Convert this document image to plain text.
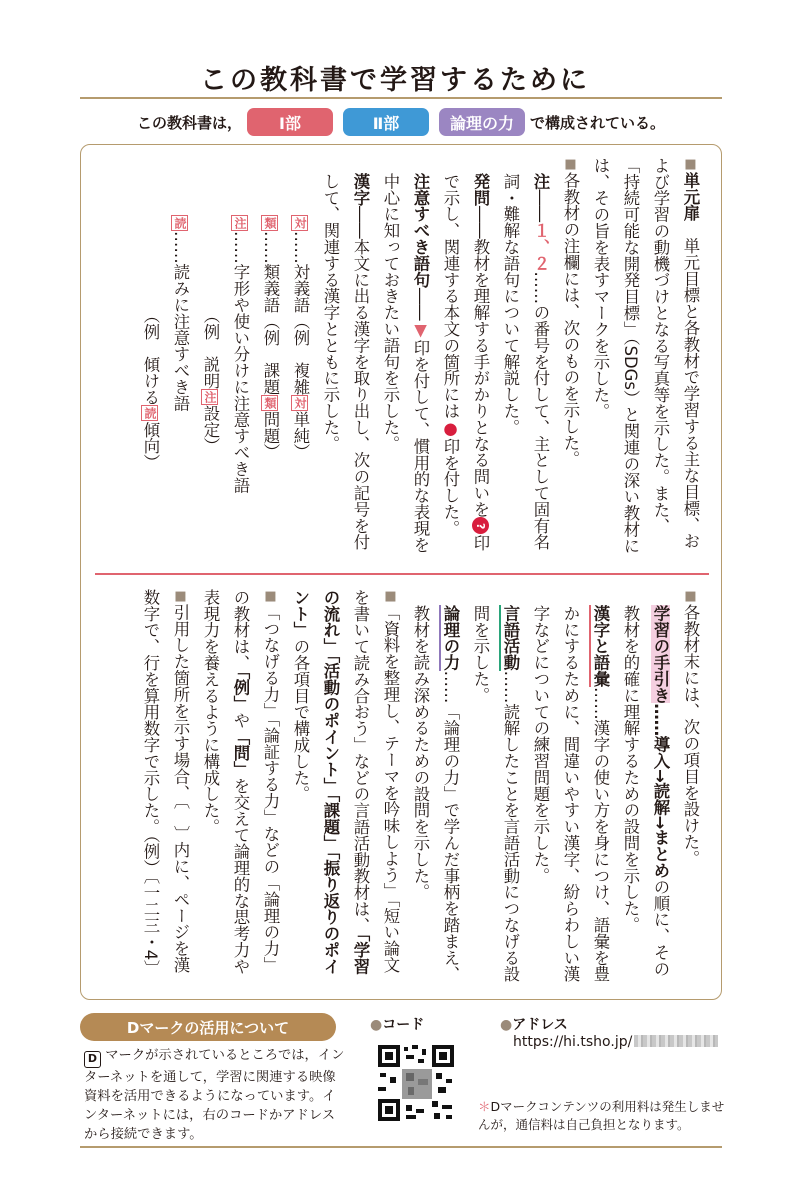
この教科書で学習するために
この教科書は，	Ⅰ部	Ⅱ部	論理の力	で構成されている。
■単元扉　単元目標と各教材で学習する主な目標、および学習の動機づけとなる写真等を示した。また、「持続可能な開発目標」（SDGs）と関連の深い教材には、その旨を表すマークを示した。
■各教材の注欄には、次のものを示した。
注――１、２……の番号を付して、主として固有名詞・難解な語句について解説した。
発問――教材を理解する手がかりとなる問いを?印で示し、関連する本文の箇所には●印を付した。
注意すべき語句――▼印を付して、慣用的な表現を中心に知っておきたい語句を示した。
漢字――本文に出る漢字を取り出し、次の記号を付して、関連する漢字とともに示した。
対……対義語（例　複雑対単純）
類……類義語（例　課題類問題）
注……字形や使い分けに注意すべき語
（例　説明注設定）
読……読みに注意すべき語
（例　傾ける読傾向）
■各教材末には、次の項目を設けた。
学習の手引き……導入→読解→まとめの順に、その教材を的確に理解するための設問を示した。
漢字と語彙……漢字の使い方を身につけ、語彙を豊かにするために、間違いやすい漢字、紛らわしい漢字などについての練習問題を示した。
言語活動……読解したことを言語活動につなげる設問を示した。
論理の力……「論理の力」で学んだ事柄を踏まえ、教材を読み深めるための設問を示した。
■「資料を整理し、テーマを吟味しよう」「短い論文を書いて読み合おう」などの言語活動教材は、「学習の流れ」「活動のポイント」「課題」「振り返りのポイント」の各項目で構成した。
■「つなげる力」「論証する力」などの「論理の力」の教材は、「例」や「問」を交えて論理的な思考力や表現力を養えるように構成した。
■引用した箇所を示す場合、〔　〕内に、ページを漢数字で、行を算用数字で示した。（例）〔一二三・4〕
Dマークの活用について
D マークが示されているところでは，インターネットを通して，学習に関連する映像資料を活用できるようになっています。インターネットには，右のコードかアドレスから接続できます。
●コード	●アドレス
https://hi.tsho.jp/
＊Dマークコンテンツの利用料は発生しませんが，通信料は自己負担となります。
